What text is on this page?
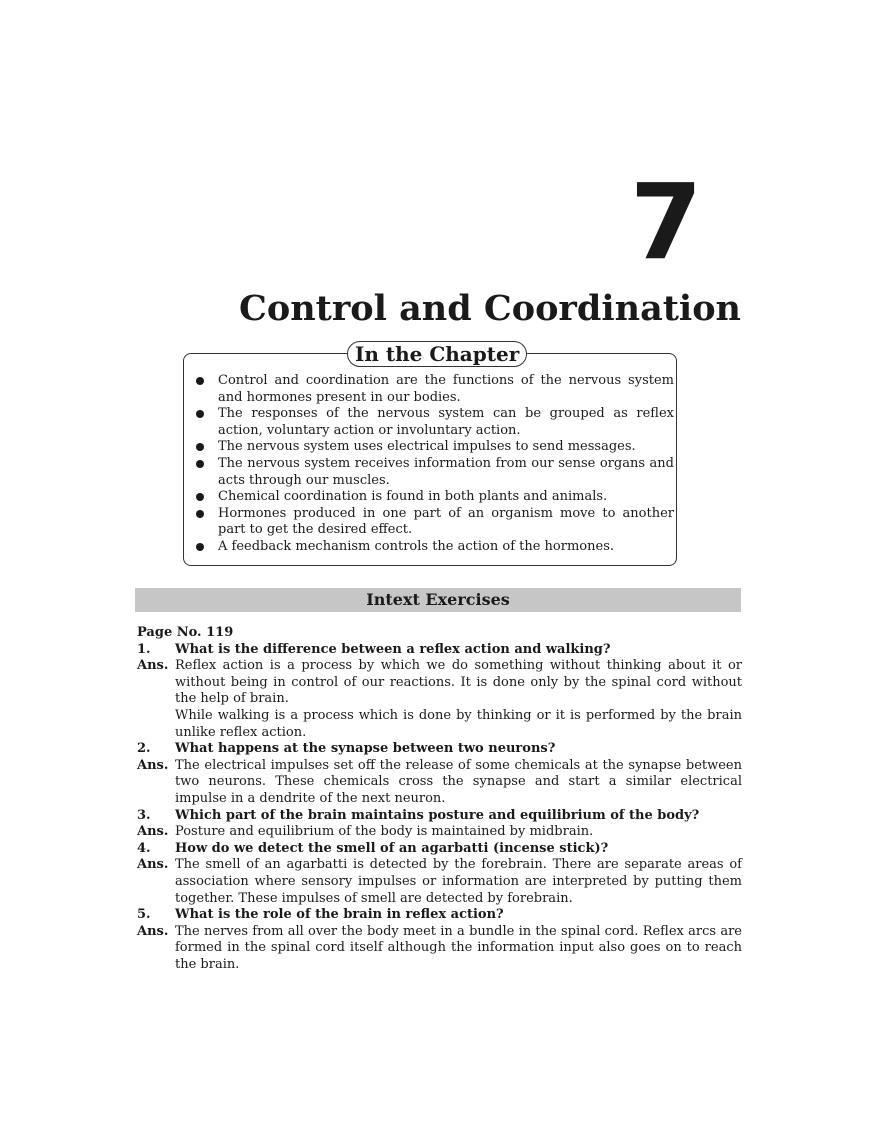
7
Control and Coordination
In the Chapter
Control and coordination are the functions of the nervous system and hormones present in our bodies.
The responses of the nervous system can be grouped as reflex action, voluntary action or involuntary action.
The nervous system uses electrical impulses to send messages.
The nervous system receives information from our sense organs and acts through our muscles.
Chemical coordination is found in both plants and animals.
Hormones produced in one part of an organism move to another part to get the desired effect.
A feedback mechanism controls the action of the hormones.
Intext Exercises
Page No. 119
1. What is the difference between a reflex action and walking?
Ans. Reflex action is a process by which we do something without thinking about it or without being in control of our reactions. It is done only by the spinal cord without the help of brain.
While walking is a process which is done by thinking or it is performed by the brain unlike reflex action.
2. What happens at the synapse between two neurons?
Ans. The electrical impulses set off the release of some chemicals at the synapse between two neurons. These chemicals cross the synapse and start a similar electrical impulse in a dendrite of the next neuron.
3. Which part of the brain maintains posture and equilibrium of the body?
Ans. Posture and equilibrium of the body is maintained by midbrain.
4. How do we detect the smell of an agarbatti (incense stick)?
Ans. The smell of an agarbatti is detected by the forebrain. There are separate areas of association where sensory impulses or information are interpreted by putting them together. These impulses of smell are detected by forebrain.
5. What is the role of the brain in reflex action?
Ans. The nerves from all over the body meet in a bundle in the spinal cord. Reflex arcs are formed in the spinal cord itself although the information input also goes on to reach the brain.
